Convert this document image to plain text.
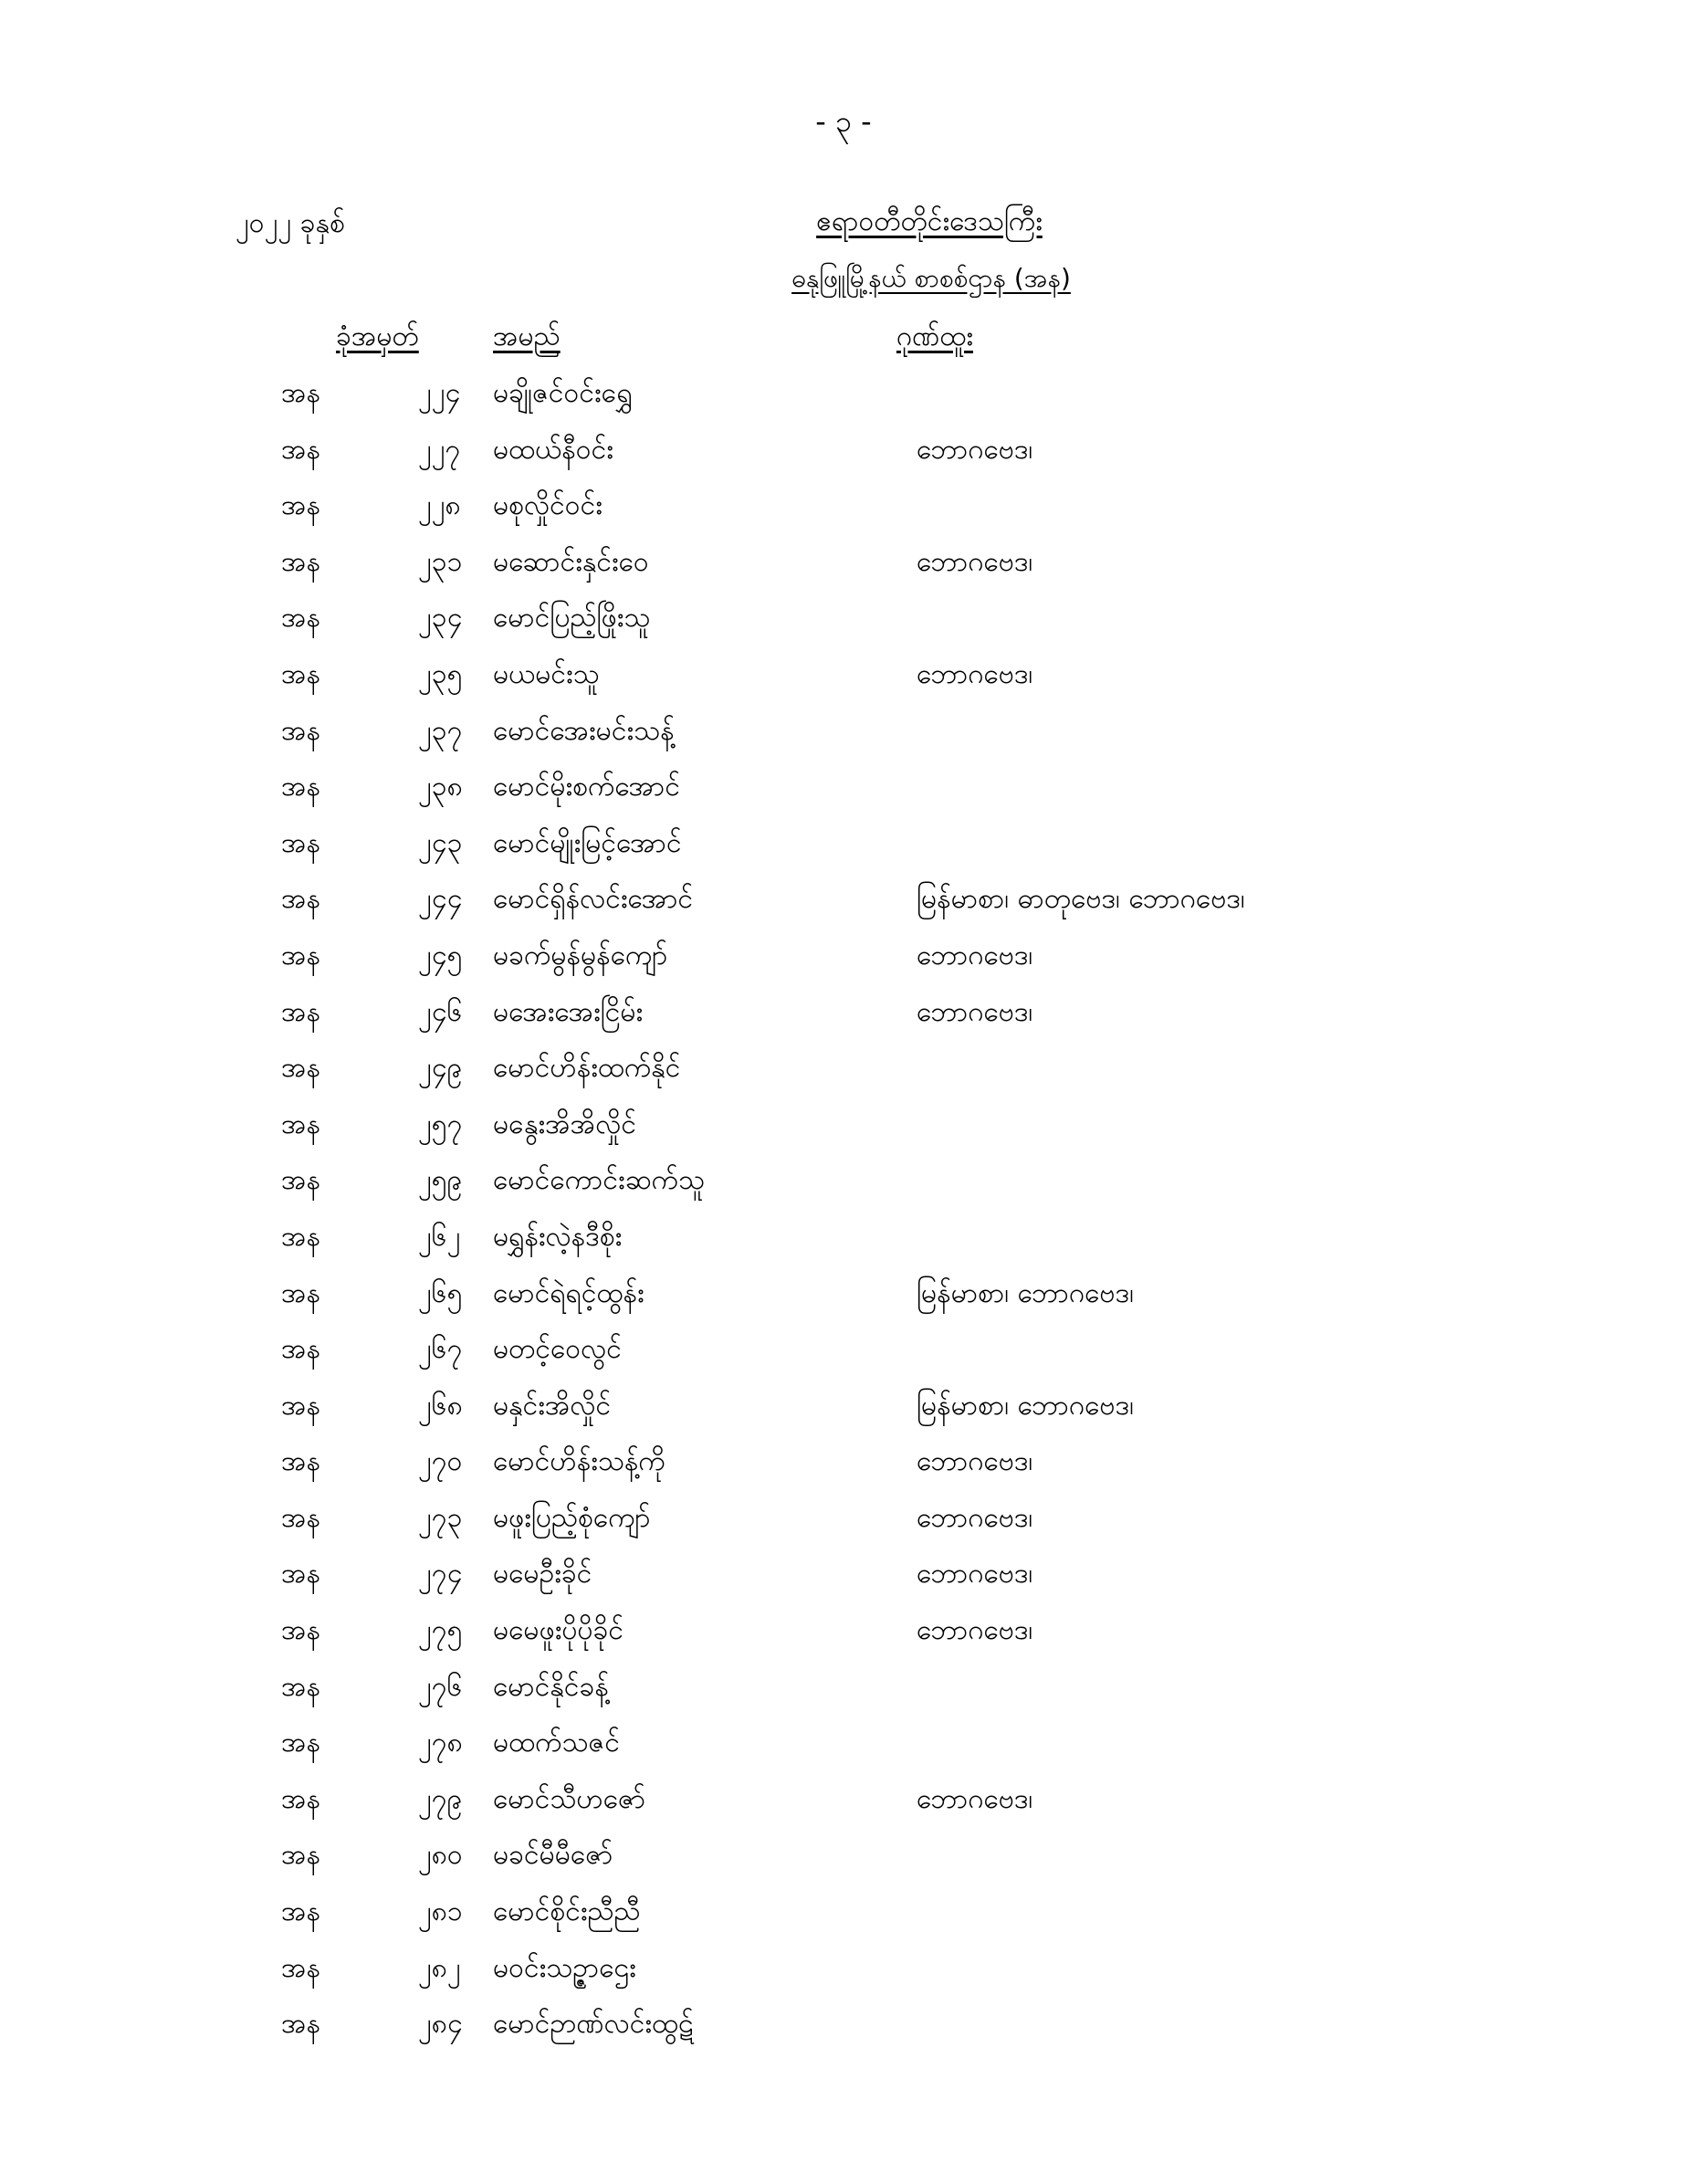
- ၃ -
၂၀၂၂ ခုနှစ်	ဧရာဝတီတိုင်းဒေသကြီး
ဓနုဖြူမြို့နယ် စာစစ်ဌာန (အန)
ခုံအမှတ်	အမည်	ဂုဏ်ထူး
အန	၂၂၄ မချိုဇင်ဝင်းရွှေ
အန	၂၂၇ မထယ်နီဝင်း	ဘောဂဗေဒ၊
အန	၂၂၈ မစုလှိုင်ဝင်း
အန	၂၃၁ မဆောင်းနှင်းဝေ	ဘောဂဗေဒ၊
အန	၂၃၄ မောင်ပြည့်ဖြိုးသူ
အန	၂၃၅ မယမင်းသူ	ဘောဂဗေဒ၊
အန	၂၃၇ မောင်အေးမင်းသန့်
အန	၂၃၈ မောင်မိုးစက်အောင်
အန	၂၄၃ မောင်မျိုးမြင့်အောင်
အန	၂၄၄ မောင်ရှိန်လင်းအောင်	မြန်မာစာ၊ ဓာတုဗေဒ၊ ဘောဂဗေဒ၊
အန	၂၄၅ မခက်မွန်မွန်ကျော်	ဘောဂဗေဒ၊
အန	၂၄၆ မအေးအေးငြိမ်း	ဘောဂဗေဒ၊
အန	၂၄၉ မောင်ဟိန်းထက်နိုင်
အန	၂၅၇ မနွေးအိအိလှိုင်
အန	၂၅၉ မောင်ကောင်းဆက်သူ
အန	၂၆၂ မရွှန်းလဲ့နဒီစိုး
အန	၂၆၅ မောင်ရဲရင့်ထွန်း	မြန်မာစာ၊ ဘောဂဗေဒ၊
အန	၂၆၇ မတင့်ဝေလွင်
အန	၂၆၈ မနှင်းအိလှိုင်	မြန်မာစာ၊ ဘောဂဗေဒ၊
အန	၂၇၀ မောင်ဟိန်းသန့်ကို	ဘောဂဗေဒ၊
အန	၂၇၃ မဖူးပြည့်စုံကျော်	ဘောဂဗေဒ၊
အန	၂၇၄ မမေဦးခိုင်	ဘောဂဗေဒ၊
အန	၂၇၅ မမေဖူးပိုပိုခိုင်	ဘောဂဗေဒ၊
အန	၂၇၆ မောင်နိုင်ခန့်
အန	၂၇၈ မထက်သဇင်
အန	၂၇၉ မောင်သီဟဇော်	ဘောဂဗေဒ၊
အန	၂၈၀ မခင်မီမီဇော်
အန	၂၈၁ မောင်စိုင်းညီညီ
အန	၂၈၂ မဝင်းသဥ္ဇာဌေး
အန	၂၈၄ မောင်ဉာဏ်လင်းထွဋ်
